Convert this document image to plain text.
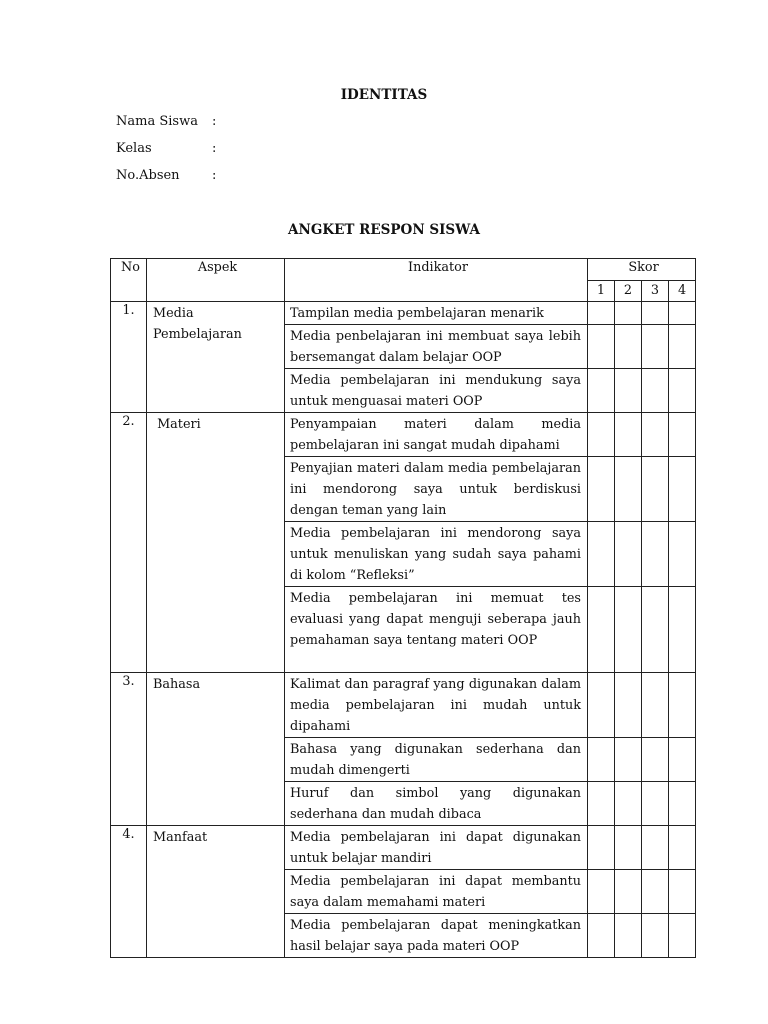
IDENTITAS
Nama Siswa :
Kelas	:
No.Absen :
ANGKET RESPON SISWA
No	Aspek	Indikator	Skor			
			1	2	3	4
1.	Media Pembelajaran	Tampilan media pembelajaran menarik				
		Media penbelajaran ini membuat saya lebih bersemangat dalam belajar OOP				
		Media pembelajaran ini mendukung saya untuk menguasai materi OOP				
2.	Materi	Penyampaian materi dalam media pembelajaran ini sangat mudah dipahami				
		Penyajian materi dalam media pembelajaran ini mendorong saya untuk berdiskusi dengan teman yang lain				
		Media pembelajaran ini mendorong saya untuk menuliskan yang sudah saya pahami di kolom “Refleksi”				
		Media pembelajaran ini memuat tes evaluasi yang dapat menguji seberapa jauh pemahaman saya tentang materi OOP				
3.	Bahasa	Kalimat dan paragraf yang digunakan dalam media pembelajaran ini mudah untuk dipahami				
		Bahasa yang digunakan sederhana dan mudah dimengerti				
		Huruf dan simbol yang digunakan sederhana dan mudah dibaca				
4.	Manfaat	Media pembelajaran ini dapat digunakan untuk belajar mandiri				
		Media pembelajaran ini dapat membantu saya dalam memahami materi				
		Media pembelajaran dapat meningkatkan hasil belajar saya pada materi OOP				
